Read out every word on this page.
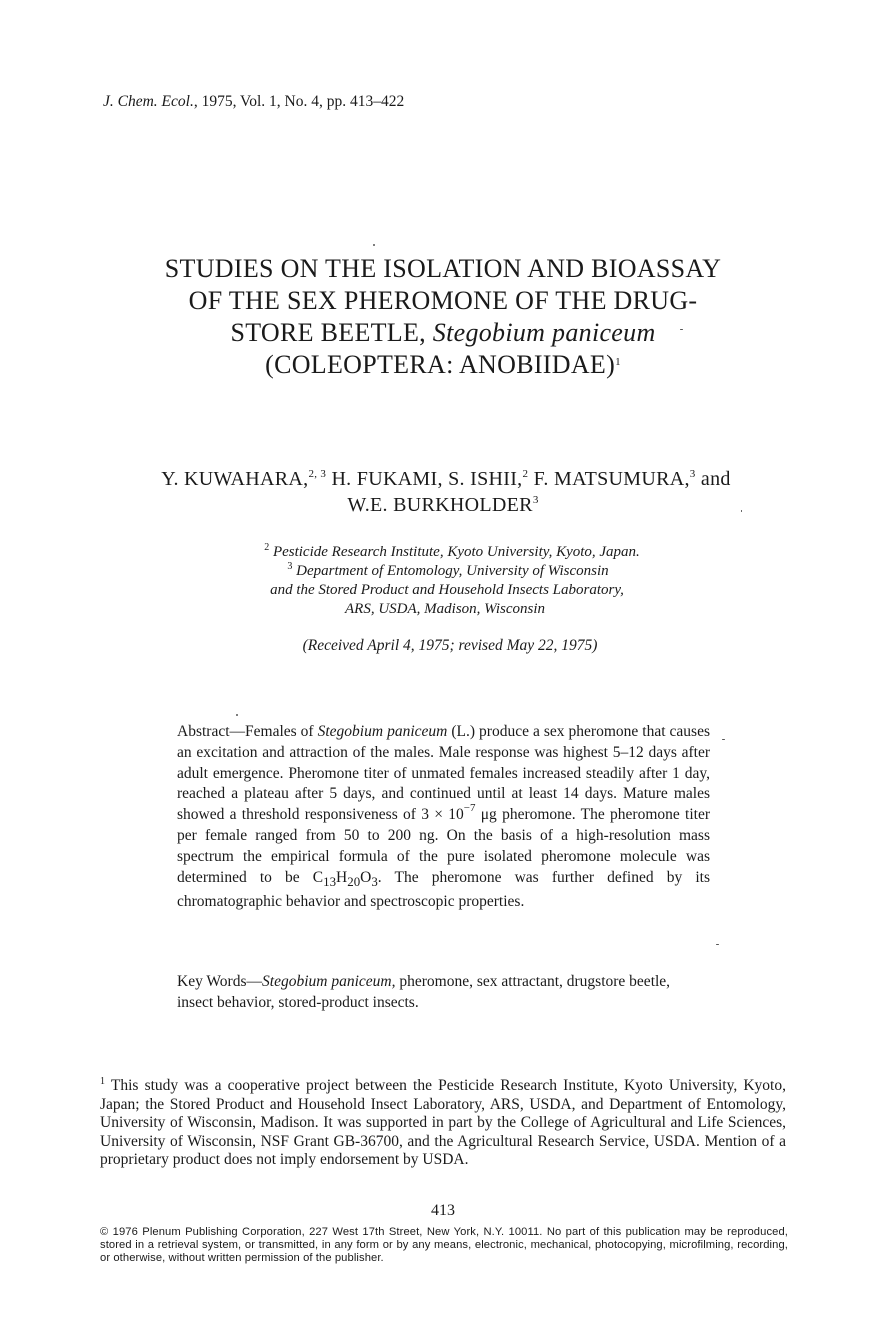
J. Chem. Ecol., 1975, Vol. 1, No. 4, pp. 413–422
STUDIES ON THE ISOLATION AND BIOASSAY
OF THE SEX PHEROMONE OF THE DRUG-
STORE BEETLE, Stegobium paniceum
(COLEOPTERA: ANOBIIDAE)$^1$
Y. KUWAHARA,$^{2, 3}$ H. FUKAMI, S. ISHII,$^2$ F. MATSUMURA,$^3$ and
W.E. BURKHOLDER$^3$
$^2$ Pesticide Research Institute, Kyoto University, Kyoto, Japan.
$^3$ Department of Entomology, University of Wisconsin
and the Stored Product and Household Insects Laboratory,
ARS, USDA, Madison, Wisconsin
(Received April 4, 1975; revised May 22, 1975)
Abstract—Females of Stegobium paniceum (L.) produce a sex pheromone that causes an excitation and attraction of the males. Male response was highest 5–12 days after adult emergence. Pheromone titer of unmated females increased steadily after 1 day, reached a plateau after 5 days, and continued until at least 14 days. Mature males showed a threshold responsiveness of $3 \times 10^{-7}$ μg pheromone. The pheromone titer per female ranged from 50 to 200 ng. On the basis of a high-resolution mass spectrum the empirical formula of the pure isolated pheromone molecule was determined to be $C_{13}H_{20}O_3$. The pheromone was further defined by its chromatographic behavior and spectroscopic properties.
Key Words—Stegobium paniceum, pheromone, sex attractant, drugstore beetle, insect behavior, stored-product insects.
$^1$ This study was a cooperative project between the Pesticide Research Institute, Kyoto University, Kyoto, Japan; the Stored Product and Household Insect Laboratory, ARS, USDA, and Department of Entomology, University of Wisconsin, Madison. It was supported in part by the College of Agricultural and Life Sciences, University of Wisconsin, NSF Grant GB-36700, and the Agricultural Research Service, USDA. Mention of a proprietary product does not imply endorsement by USDA.
413
© 1976 Plenum Publishing Corporation, 227 West 17th Street, New York, N.Y. 10011. No part of this publication may be reproduced, stored in a retrieval system, or transmitted, in any form or by any means, electronic, mechanical, photocopying, microfilming, recording, or otherwise, without written permission of the publisher.
